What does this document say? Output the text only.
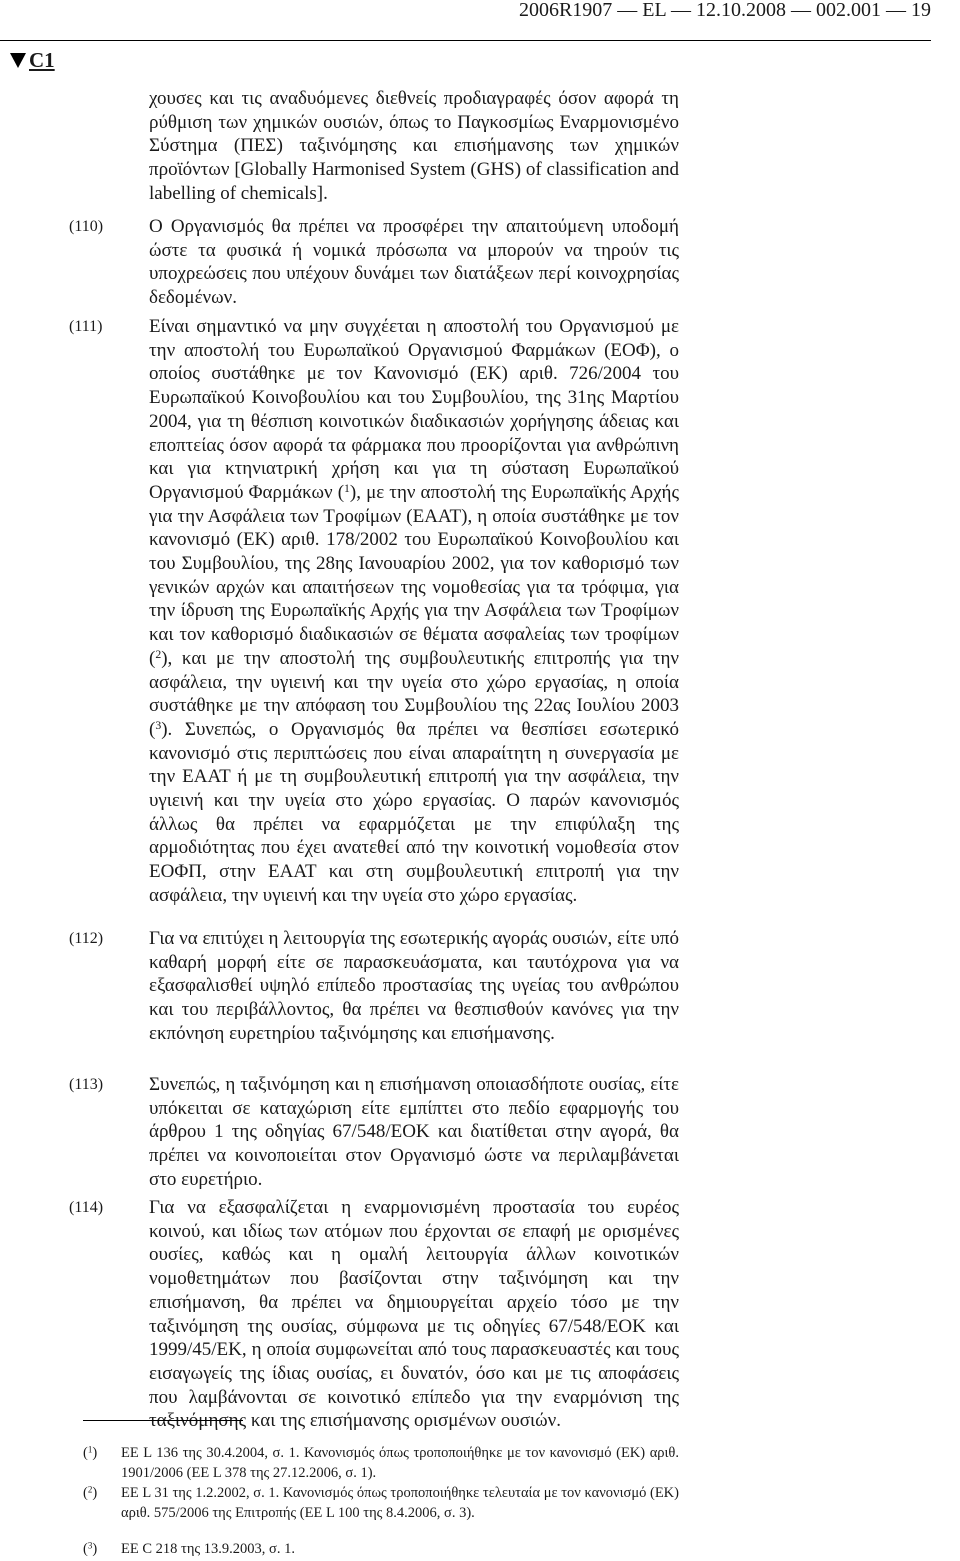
2006R1907 — EL — 12.10.2008 — 002.001 — 19
C1
χουσες και τις αναδυόμενες διεθνείς προδιαγραφές όσον αφορά τη ρύθμιση των χημικών ουσιών, όπως το Παγκοσμίως Εναρμονισμένο Σύστημα (ΠΕΣ) ταξινόμησης και επισήμανσης των χημικών προϊόντων [Globally Harmonised System (GHS) of classification and labelling of chemicals].
(110) Ο Οργανισμός θα πρέπει να προσφέρει την απαιτούμενη υποδομή ώστε τα φυσικά ή νομικά πρόσωπα να μπορούν να τηρούν τις υποχρεώσεις που υπέχουν δυνάμει των διατάξεων περί κοινοχρησίας δεδομένων.
(111) Είναι σημαντικό να μην συγχέεται η αποστολή του Οργανισμού με την αποστολή του Ευρωπαϊκού Οργανισμού Φαρμάκων (ΕΟΦ), ο οποίος συστάθηκε με τον Κανονισμό (ΕΚ) αριθ. 726/2004 του Ευρωπαϊκού Κοινοβουλίου και του Συμβουλίου, της 31ης Μαρτίου 2004, για τη θέσπιση κοινοτικών διαδικασιών χορήγησης άδειας και εποπτείας όσον αφορά τα φάρμακα που προορίζονται για ανθρώπινη και για κτηνιατρική χρήση και για τη σύσταση Ευρωπαϊκού Οργανισμού Φαρμάκων ($^1$), με την αποστολή της Ευρωπαϊκής Αρχής για την Ασφάλεια των Τροφίμων (ΕΑΑΤ), η οποία συστάθηκε με τον κανονισμό (ΕΚ) αριθ. 178/2002 του Ευρωπαϊκού Κοινοβουλίου και του Συμβουλίου, της 28ης Ιανουαρίου 2002, για τον καθορισμό των γενικών αρχών και απαιτήσεων της νομοθεσίας για τα τρόφιμα, για την ίδρυση της Ευρωπαϊκής Αρχής για την Ασφάλεια των Τροφίμων και τον καθορισμό διαδικασιών σε θέματα ασφαλείας των τροφίμων ($^2$), και με την αποστολή της συμβουλευτικής επιτροπής για την ασφάλεια, την υγιεινή και την υγεία στο χώρο εργασίας, η οποία συστάθηκε με την απόφαση του Συμβουλίου της 22ας Ιουλίου 2003 ($^3$). Συνεπώς, ο Οργανισμός θα πρέπει να θεσπίσει εσωτερικό κανονισμό στις περιπτώσεις που είναι απαραίτητη η συνεργασία με την ΕΑΑΤ ή με τη συμβουλευτική επιτροπή για την ασφάλεια, την υγιεινή και την υγεία στο χώρο εργασίας. Ο παρών κανονισμός άλλως θα πρέπει να εφαρμόζεται με την επιφύλαξη της αρμοδιότητας που έχει ανατεθεί από την κοινοτική νομοθεσία στον ΕΟΦΠ, στην ΕΑΑΤ και στη συμβουλευτική επιτροπή για την ασφάλεια, την υγιεινή και την υγεία στο χώρο εργασίας.
(112) Για να επιτύχει η λειτουργία της εσωτερικής αγοράς ουσιών, είτε υπό καθαρή μορφή είτε σε παρασκευάσματα, και ταυτόχρονα για να εξασφαλισθεί υψηλό επίπεδο προστασίας της υγείας του ανθρώπου και του περιβάλλοντος, θα πρέπει να θεσπισθούν κανόνες για την εκπόνηση ευρετηρίου ταξινόμησης και επισήμανσης.
(113) Συνεπώς, η ταξινόμηση και η επισήμανση οποιασδήποτε ουσίας, είτε υπόκειται σε καταχώριση είτε εμπίπτει στο πεδίο εφαρμογής του άρθρου 1 της οδηγίας 67/548/ΕΟΚ και διατίθεται στην αγορά, θα πρέπει να κοινοποιείται στον Οργανισμό ώστε να περιλαμβάνεται στο ευρετήριο.
(114) Για να εξασφαλίζεται η εναρμονισμένη προστασία του ευρέος κοινού, και ιδίως των ατόμων που έρχονται σε επαφή με ορισμένες ουσίες, καθώς και η ομαλή λειτουργία άλλων κοινοτικών νομοθετημάτων που βασίζονται στην ταξινόμηση και την επισήμανση, θα πρέπει να δημιουργείται αρχείο τόσο με την ταξινόμηση της ουσίας, σύμφωνα με τις οδηγίες 67/548/ΕΟΚ και 1999/45/ΕΚ, η οποία συμφωνείται από τους παρασκευαστές και τους εισαγωγείς της ίδιας ουσίας, ει δυνατόν, όσο και με τις αποφάσεις που λαμβάνονται σε κοινοτικό επίπεδο για την εναρμόνιση της ταξινόμησης και της επισήμανσης ορισμένων ουσιών.
($^1$) ΕΕ L 136 της 30.4.2004, σ. 1. Κανονισμός όπως τροποποιήθηκε με τον κανονισμό (ΕΚ) αριθ. 1901/2006 (ΕΕ L 378 της 27.12.2006, σ. 1).
($^2$) ΕΕ L 31 της 1.2.2002, σ. 1. Κανονισμός όπως τροποποιήθηκε τελευταία με τον κανονισμό (ΕΚ) αριθ. 575/2006 της Επιτροπής (ΕΕ L 100 της 8.4.2006, σ. 3).
($^3$) ΕΕ C 218 της 13.9.2003, σ. 1.
